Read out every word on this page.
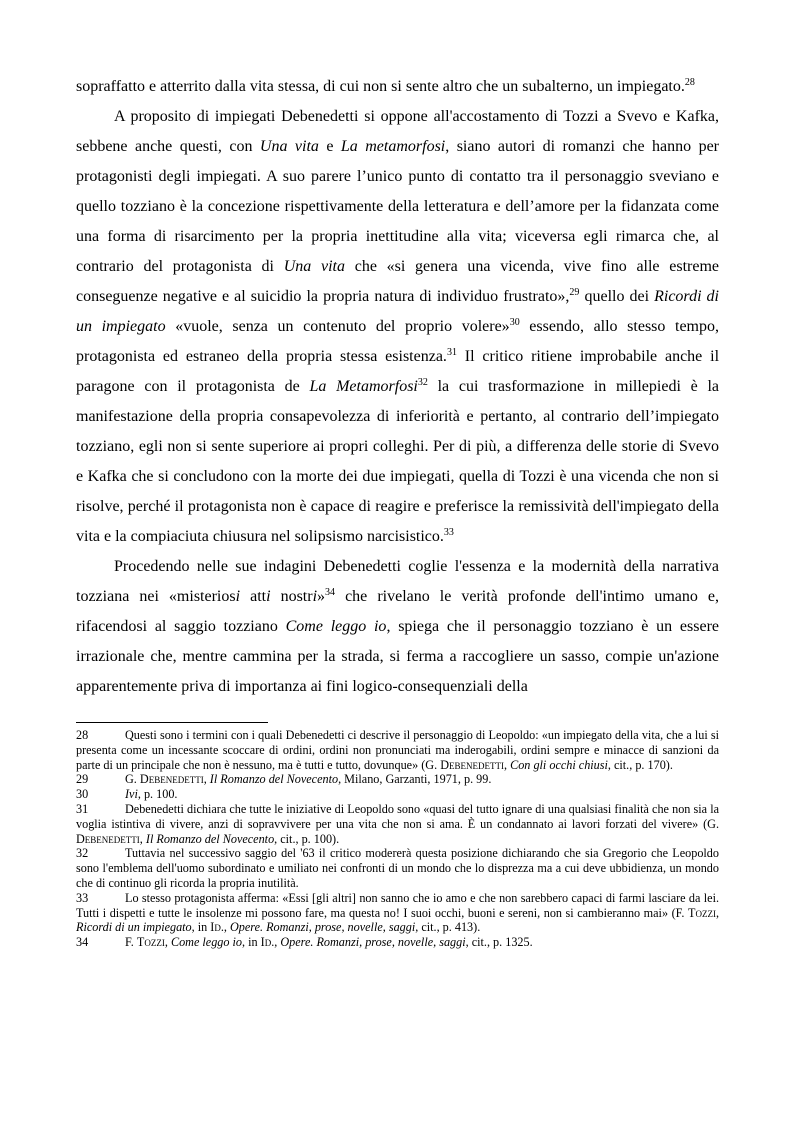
sopraffatto e atterrito dalla vita stessa, di cui non si sente altro che un subalterno, un impiegato.$^{28}$

A proposito di impiegati Debenedetti si oppone all'accostamento di Tozzi a Svevo e Kafka, sebbene anche questi, con Una vita e La metamorfosi, siano autori di romanzi che hanno per protagonisti degli impiegati. A suo parere l’unico punto di contatto tra il personaggio sveviano e quello tozziano è la concezione rispettivamente della letteratura e dell’amore per la fidanzata come una forma di risarcimento per la propria inettitudine alla vita; viceversa egli rimarca che, al contrario del protagonista di Una vita che «si genera una vicenda, vive fino alle estreme conseguenze negative e al suicidio la propria natura di individuo frustrato»,$^{29}$ quello dei Ricordi di un impiegato «vuole, senza un contenuto del proprio volere»$^{30}$ essendo, allo stesso tempo, protagonista ed estraneo della propria stessa esistenza.$^{31}$ Il critico ritiene improbabile anche il paragone con il protagonista de La Metamorfosi$^{32}$ la cui trasformazione in millepiedi è la manifestazione della propria consapevolezza di inferiorità e pertanto, al contrario dell’impiegato tozziano, egli non si sente superiore ai propri colleghi. Per di più, a differenza delle storie di Svevo e Kafka che si concludono con la morte dei due impiegati, quella di Tozzi è una vicenda che non si risolve, perché il protagonista non è capace di reagire e preferisce la remissività dell'impiegato della vita e la compiaciuta chiusura nel solipsismo narcisistico.$^{33}$

Procedendo nelle sue indagini Debenedetti coglie l'essenza e la modernità della narrativa tozziana nei «misteriosi atti nostri»$^{34}$ che rivelano le verità profonde dell'intimo umano e, rifacendosi al saggio tozziano Come leggo io, spiega che il personaggio tozziano è un essere irrazionale che, mentre cammina per la strada, si ferma a raccogliere un sasso, compie un'azione apparentemente priva di importanza ai fini logico-consequenziali della

28	Questi sono i termini con i quali Debenedetti ci descrive il personaggio di Leopoldo: «un impiegato della vita, che a lui si presenta come un incessante scoccare di ordini, ordini non pronunciati ma inderogabili, ordini sempre e minacce di sanzioni da parte di un principale che non è nessuno, ma è tutti e tutto, dovunque» (G. Debenedetti, Con gli occhi chiusi, cit., p. 170).

29	G. Debenedetti, Il Romanzo del Novecento, Milano, Garzanti, 1971, p. 99.

30	Ivi, p. 100.

31	Debenedetti dichiara che tutte le iniziative di Leopoldo sono «quasi del tutto ignare di una qualsiasi finalità che non sia la voglia istintiva di vivere, anzi di sopravvivere per una vita che non si ama. È un condannato ai lavori forzati del vivere» (G. Debenedetti, Il Romanzo del Novecento, cit., p. 100).

32	Tuttavia nel successivo saggio del '63 il critico modererà questa posizione dichiarando che sia Gregorio che Leopoldo sono l'emblema dell'uomo subordinato e umiliato nei confronti di un mondo che lo disprezza ma a cui deve ubbidienza, un mondo che di continuo gli ricorda la propria inutilità.

33	Lo stesso protagonista afferma: «Essi [gli altri] non sanno che io amo e che non sarebbero capaci di farmi lasciare da lei. Tutti i dispetti e tutte le insolenze mi possono fare, ma questa no! I suoi occhi, buoni e sereni, non si cambieranno mai» (F. Tozzi, Ricordi di un impiegato, in Id., Opere. Romanzi, prose, novelle, saggi, cit., p. 413).

34	F. Tozzi, Come leggo io, in Id., Opere. Romanzi, prose, novelle, saggi, cit., p. 1325.
